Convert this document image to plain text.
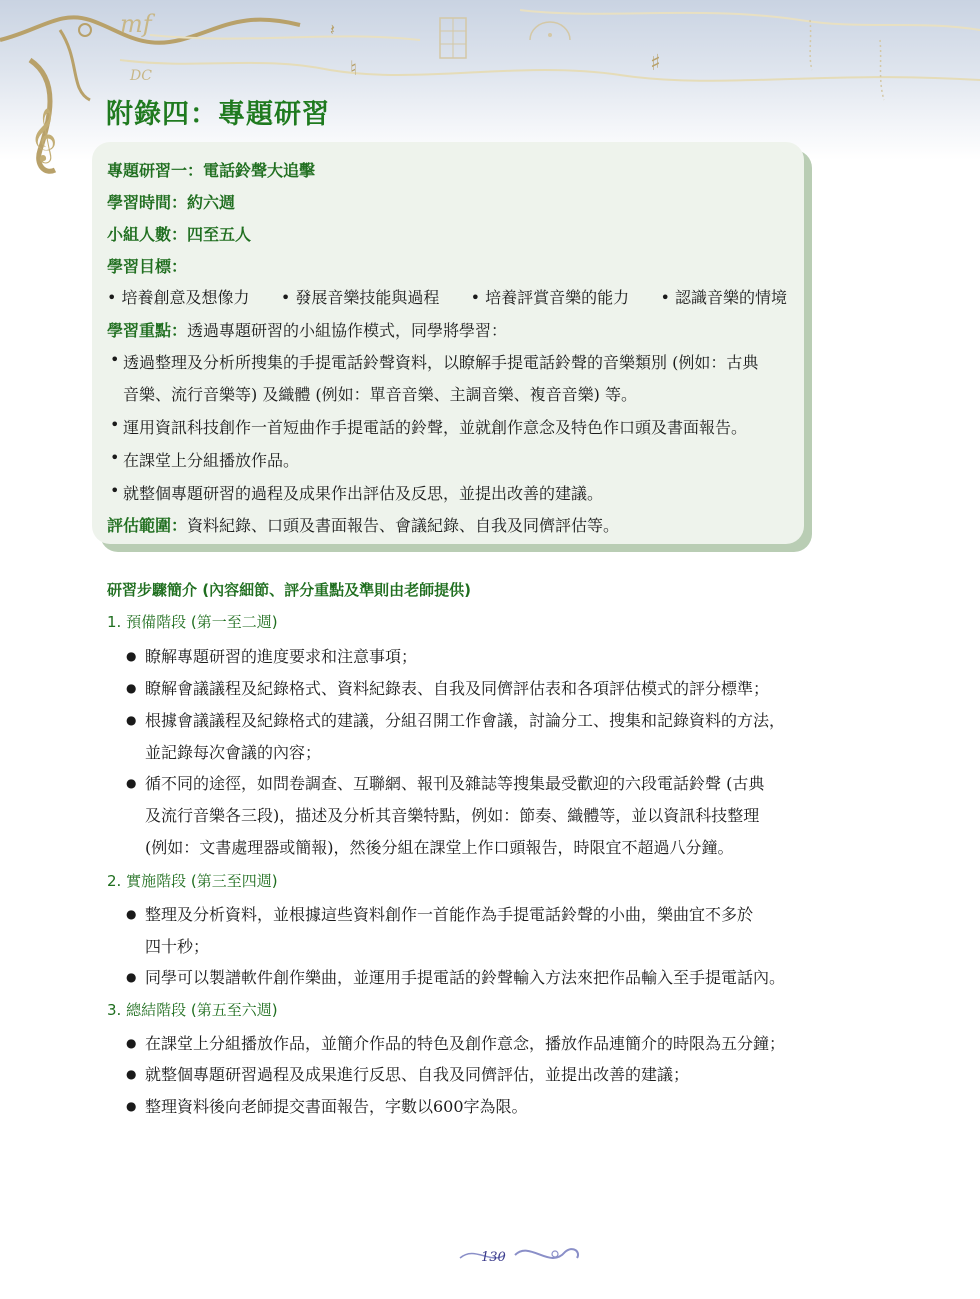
𝄞
♯
♮
𝄽
mf
DC
附錄四：專題研習

專題研習一：電話鈴聲大追擊

學習時間：約六週

小組人數：四至五人

學習目標：

• 培養創意及想像力	• 發展音樂技能與過程	• 培養評賞音樂的能力	• 認識音樂的情境
學習重點：透過專題研習的小組協作模式，同學將學習：
• 透過整理及分析所搜集的手提電話鈴聲資料，以瞭解手提電話鈴聲的音樂類別 (例如：古典
音樂、流行音樂等) 及織體 (例如：單音音樂、主調音樂、複音音樂) 等。
• 運用資訊科技創作一首短曲作手提電話的鈴聲，並就創作意念及特色作口頭及書面報告。
• 在課堂上分組播放作品。
• 就整個專題研習的過程及成果作出評估及反思，並提出改善的建議。
評估範圍：資料紀錄、口頭及書面報告、會議紀錄、自我及同儕評估等。
研習步驟簡介 (內容細節、評分重點及準則由老師提供)
1. 預備階段 (第一至二週)
● 瞭解專題研習的進度要求和注意事項；
● 瞭解會議議程及紀錄格式、資料紀錄表、自我及同儕評估表和各項評估模式的評分標準；
● 根據會議議程及紀錄格式的建議，分組召開工作會議，討論分工、搜集和記錄資料的方法，
並記錄每次會議的內容；
● 循不同的途徑，如問卷調查、互聯網、報刊及雜誌等搜集最受歡迎的六段電話鈴聲 (古典
及流行音樂各三段)，描述及分析其音樂特點，例如：節奏、織體等，並以資訊科技整理
(例如：文書處理器或簡報)，然後分組在課堂上作口頭報告，時限宜不超過八分鐘。
2. 實施階段 (第三至四週)
● 整理及分析資料，並根據這些資料創作一首能作為手提電話鈴聲的小曲，樂曲宜不多於
四十秒；
● 同學可以製譜軟件創作樂曲，並運用手提電話的鈴聲輸入方法來把作品輸入至手提電話內。
3. 總結階段 (第五至六週)
● 在課堂上分組播放作品，並簡介作品的特色及創作意念，播放作品連簡介的時限為五分鐘；
● 就整個專題研習過程及成果進行反思、自我及同儕評估，並提出改善的建議；
● 整理資料後向老師提交書面報告，字數以600字為限。
130
